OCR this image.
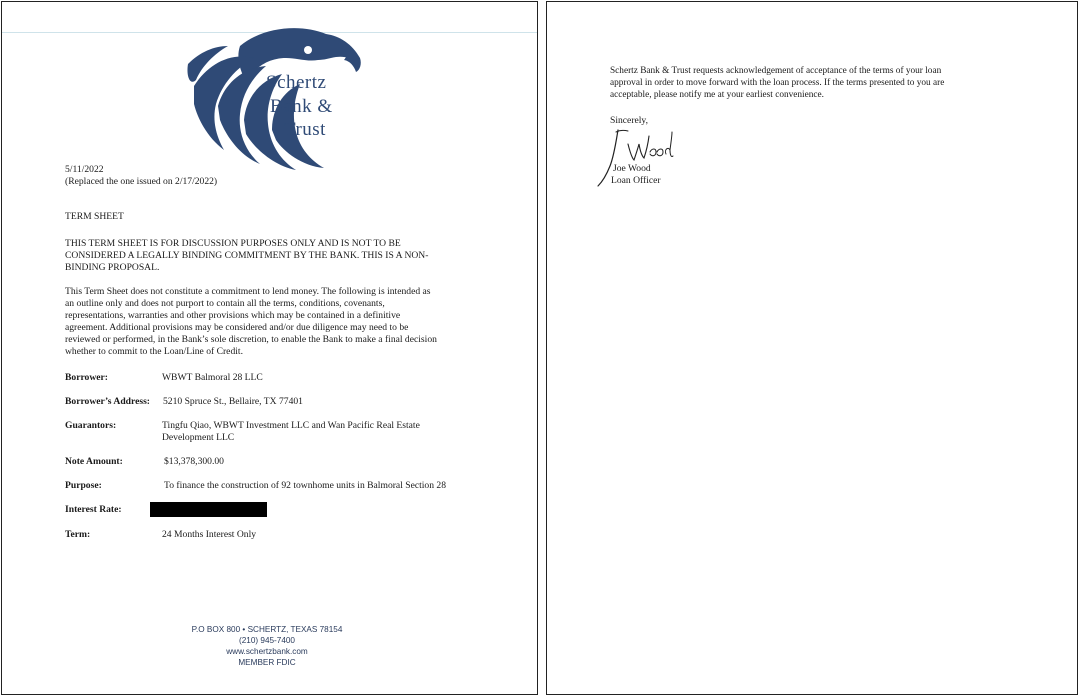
Schertz
Bank &
Trust
5/11/2022
(Replaced the one issued on 2/17/2022)
TERM SHEET
THIS TERM SHEET IS FOR DISCUSSION PURPOSES ONLY AND IS NOT TO BE
CONSIDERED A LEGALLY BINDING COMMITMENT BY THE BANK. THIS IS A NON-
BINDING PROPOSAL.
This Term Sheet does not constitute a commitment to lend money. The following is intended as
an outline only and does not purport to contain all the terms, conditions, covenants,
representations, warranties and other provisions which may be contained in a definitive
agreement. Additional provisions may be considered and/or due diligence may need to be
reviewed or performed, in the Bank’s sole discretion, to enable the Bank to make a final decision
whether to commit to the Loan/Line of Credit.
Borrower:	WBWT Balmoral 28 LLC
Borrower’s Address: 5210 Spruce St., Bellaire, TX 77401
Guarantors:	Tingfu Qiao, WBWT Investment LLC and Wan Pacific Real Estate
Development LLC
Note Amount:	$13,378,300.00
Purpose:	To finance the construction of 92 townhome units in Balmoral Section 28
Interest Rate:
Term:	24 Months Interest Only
P.O BOX 800 • SCHERTZ, TEXAS 78154
(210) 945-7400
www.schertzbank.com
MEMBER FDIC
Schertz Bank & Trust requests acknowledgement of acceptance of the terms of your loan
approval in order to move forward with the loan process. If the terms presented to you are
acceptable, please notify me at your earliest convenience.
Sincerely,
Joe Wood
Loan Officer
